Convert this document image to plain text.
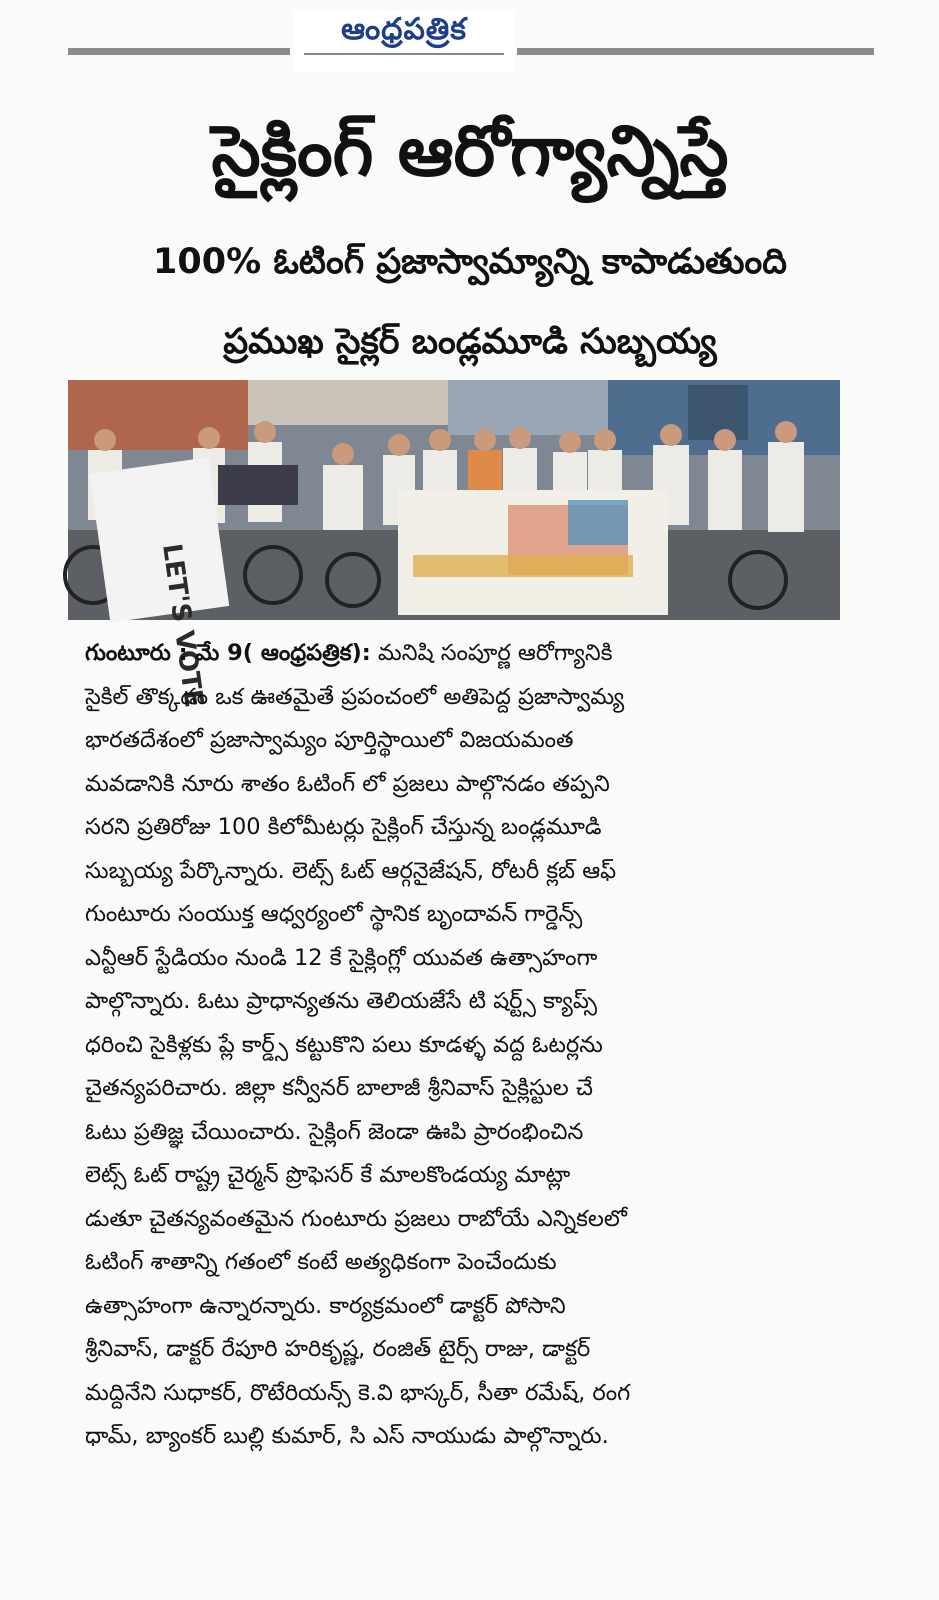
ఆంధ్రపత్రిక
సైక్లింగ్ ఆరోగ్యాన్నిస్తే
100% ఓటింగ్ ప్రజాస్వామ్యాన్ని కాపాడుతుంది
ప్రముఖ సైక్లర్ బండ్లమూడి సుబ్బయ్య
LET'S VOTE
గుంటూరు : మే 9( ఆంధ్రపత్రిక): మనిషి సంపూర్ణ ఆరోగ్యానికి
సైకిల్ తొక్కడం ఒక ఊతమైతే ప్రపంచంలో అతిపెద్ద ప్రజాస్వామ్య
భారతదేశంలో ప్రజాస్వామ్యం పూర్తిస్థాయిలో విజయమంత
మవడానికి నూరు శాతం ఓటింగ్ లో ప్రజలు పాల్గొనడం తప్పని
సరని ప్రతిరోజు 100 కిలోమీటర్లు సైక్లింగ్ చేస్తున్న బండ్లమూడి
సుబ్బయ్య పేర్కొన్నారు. లెట్స్ ఓట్ ఆర్గనైజేషన్, రోటరీ క్లబ్ ఆఫ్
గుంటూరు సంయుక్త ఆధ్వర్యంలో స్థానిక బృందావన్ గార్డెన్స్
ఎన్టీఆర్ స్టేడియం నుండి 12 కే సైక్లింగ్లో యువత ఉత్సాహంగా
పాల్గొన్నారు. ఓటు ప్రాధాన్యతను తెలియజేసే టి షర్ట్స్ క్యాప్స్
ధరించి సైకిళ్లకు ప్లే కార్డ్స్ కట్టుకొని పలు కూడళ్ళ వద్ద ఓటర్లను
చైతన్యపరిచారు. జిల్లా కన్వీనర్ బాలాజీ శ్రీనివాస్ సైక్లిస్టుల చే
ఓటు ప్రతిజ్ఞ చేయించారు. సైక్లింగ్ జెండా ఊపి ప్రారంభించిన
లెట్స్ ఓట్ రాష్ట్ర చైర్మన్ ప్రొఫెసర్ కే మాలకొండయ్య మాట్లా
డుతూ చైతన్యవంతమైన గుంటూరు ప్రజలు రాబోయే ఎన్నికలలో
ఓటింగ్ శాతాన్ని గతంలో కంటే అత్యధికంగా పెంచేందుకు
ఉత్సాహంగా ఉన్నారన్నారు. కార్యక్రమంలో డాక్టర్ పోసాని
శ్రీనివాస్, డాక్టర్ రేపూరి హరికృష్ణ, రంజిత్ టైర్స్ రాజు, డాక్టర్
మద్దినేని సుధాకర్, రొటేరియన్స్ కె.వి భాస్కర్, సీతా రమేష్, రంగ
ధామ్, బ్యాంకర్ బుల్లి కుమార్, సి ఎస్ నాయుడు పాల్గొన్నారు.
